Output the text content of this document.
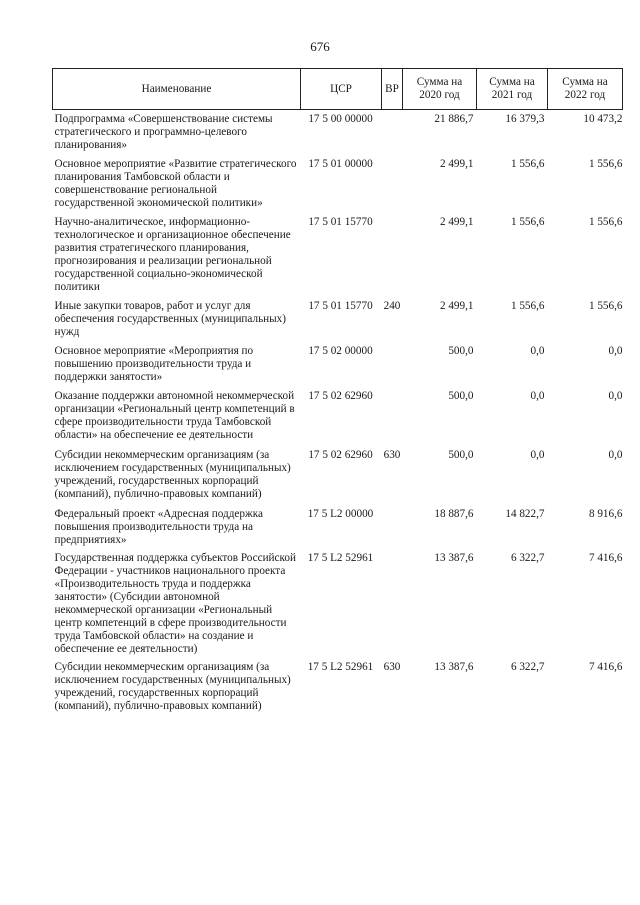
676
Наименование	ЦСР	ВР	Сумма на 2020 год	Сумма на 2021 год	Сумма на 2022 год
Подпрограмма «Совершенствование системы стратегического и программно-целевого планирования»	17 5 00 00000		21 886,7	16 379,3	10 473,2
Основное мероприятие «Развитие стратегического планирования Тамбовской области и совершенствование региональной государственной экономической политики»	17 5 01 00000		2 499,1	1 556,6	1 556,6
Научно-аналитическое, информационно-технологическое и организационное обеспечение развития стратегического планирования, прогнозирования и реализации региональной государственной социально-экономической политики	17 5 01 15770		2 499,1	1 556,6	1 556,6
Иные закупки товаров, работ и услуг для обеспечения государственных (муниципальных) нужд	17 5 01 15770	240	2 499,1	1 556,6	1 556,6
Основное мероприятие «Мероприятия по повышению производительности труда и поддержки занятости»	17 5 02 00000		500,0	0,0	0,0
Оказание поддержки автономной некоммерческой организации «Региональный центр компетенций в сфере производительности труда Тамбовской области» на обеспечение ее деятельности	17 5 02 62960		500,0	0,0	0,0
Субсидии некоммерческим организациям (за исключением государственных (муниципальных) учреждений, государственных корпораций (компаний), публично-правовых компаний)	17 5 02 62960	630	500,0	0,0	0,0
Федеральный проект «Адресная поддержка повышения производительности труда на предприятиях»	17 5 L2 00000		18 887,6	14 822,7	8 916,6
Государственная поддержка субъектов Российской Федерации - участников национального проекта «Производительность труда и поддержка занятости» (Субсидии автономной некоммерческой организации «Региональный центр компетенций в сфере производительности труда Тамбовской области» на создание и обеспечение ее деятельности)	17 5 L2 52961		13 387,6	6 322,7	7 416,6
Субсидии некоммерческим организациям (за исключением государственных (муниципальных) учреждений, государственных корпораций (компаний), публично-правовых компаний)	17 5 L2 52961	630	13 387,6	6 322,7	7 416,6
